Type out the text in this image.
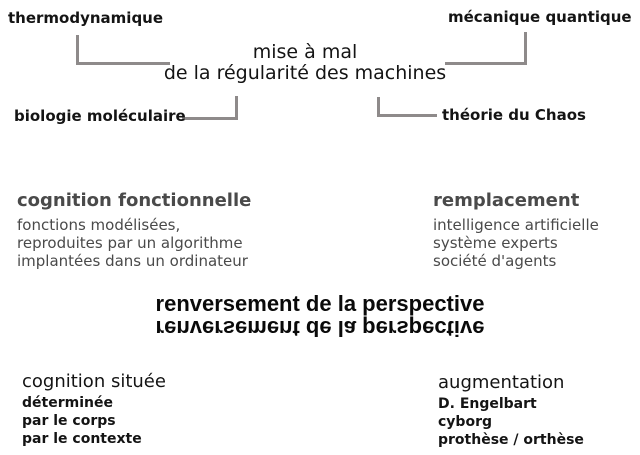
thermodynamique	mécanique quantique
mise à mal
de la régularité des machines
biologie moléculaire	théorie du Chaos
cognition fonctionnelle
fonctions modélisées,
reproduites par un algorithme
implantées dans un ordinateur
remplacement
intelligence artificielle
système experts
société d'agents
renversement de la perspective
renversement de la perspective
cognition située
déterminée
par le corps
par le contexte
augmentation
D. Engelbart
cyborg
prothèse / orthèse
